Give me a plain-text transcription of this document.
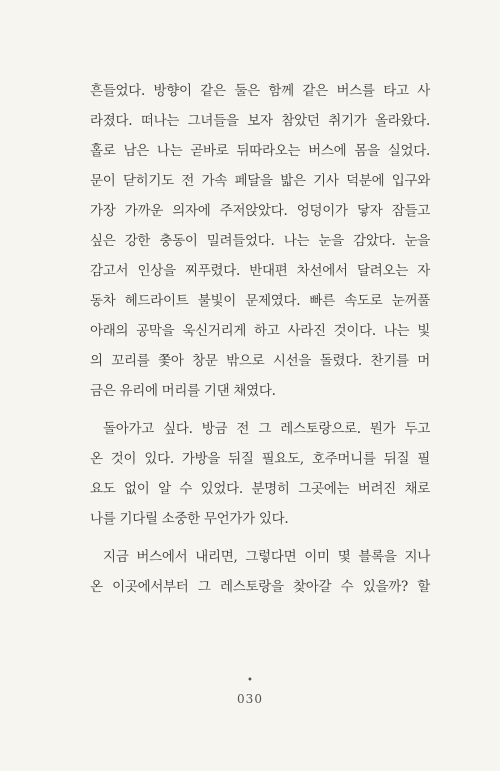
흔들었다. 방향이 같은 둘은 함께 같은 버스를 타고 사
라졌다. 떠나는 그녀들을 보자 참았던 취기가 올라왔다.
홀로 남은 나는 곧바로 뒤따라오는 버스에 몸을 실었다.
문이 닫히기도 전 가속 페달을 밟은 기사 덕분에 입구와
가장 가까운 의자에 주저앉았다. 엉덩이가 닿자 잠들고
싶은 강한 충동이 밀려들었다. 나는 눈을 감았다. 눈을
감고서 인상을 찌푸렸다. 반대편 차선에서 달려오는 자
동차 헤드라이트 불빛이 문제였다. 빠른 속도로 눈꺼풀
아래의 공막을 욱신거리게 하고 사라진 것이다. 나는 빛
의 꼬리를 쫓아 창문 밖으로 시선을 돌렸다. 찬기를 머
금은 유리에 머리를 기댄 채였다.
돌아가고 싶다. 방금 전 그 레스토랑으로. 뭔가 두고
온 것이 있다. 가방을 뒤질 필요도, 호주머니를 뒤질 필
요도 없이 알 수 있었다. 분명히 그곳에는 버려진 채로
나를 기다릴 소중한 무언가가 있다.
지금 버스에서 내리면, 그렇다면 이미 몇 블록을 지나
온 이곳에서부터 그 레스토랑을 찾아갈 수 있을까? 할
•
030
